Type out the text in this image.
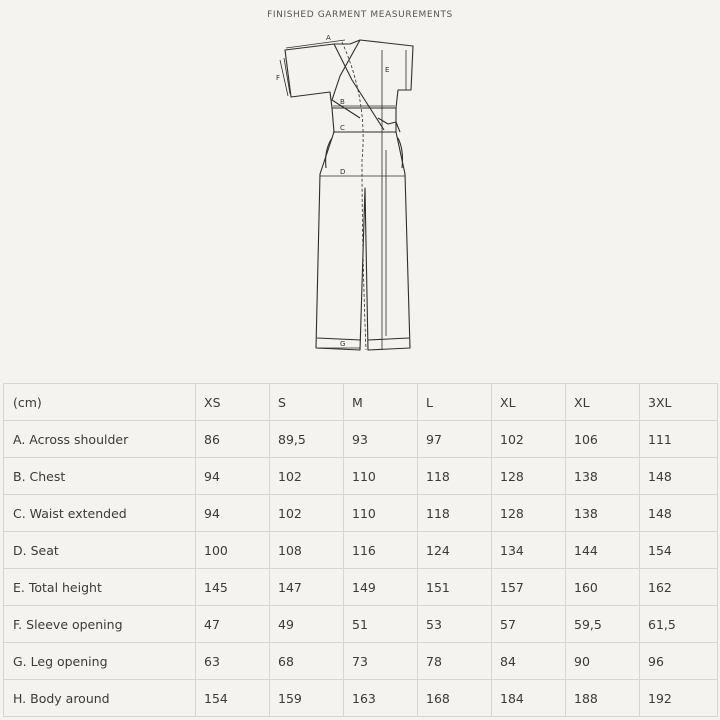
FINISHED GARMENT MEASUREMENTS
A
B
C
D
E
F
G
(cm)	XS	S	M	L	XL	XL	3XL
A. Across shoulder	86	89,5	93	97	102	106	111
B. Chest	94	102	110	118	128	138	148
C. Waist extended	94	102	110	118	128	138	148
D. Seat	100	108	116	124	134	144	154
E. Total height	145	147	149	151	157	160	162
F. Sleeve opening	47	49	51	53	57	59,5	61,5
G. Leg opening	63	68	73	78	84	90	96
H. Body around	154	159	163	168	184	188	192
